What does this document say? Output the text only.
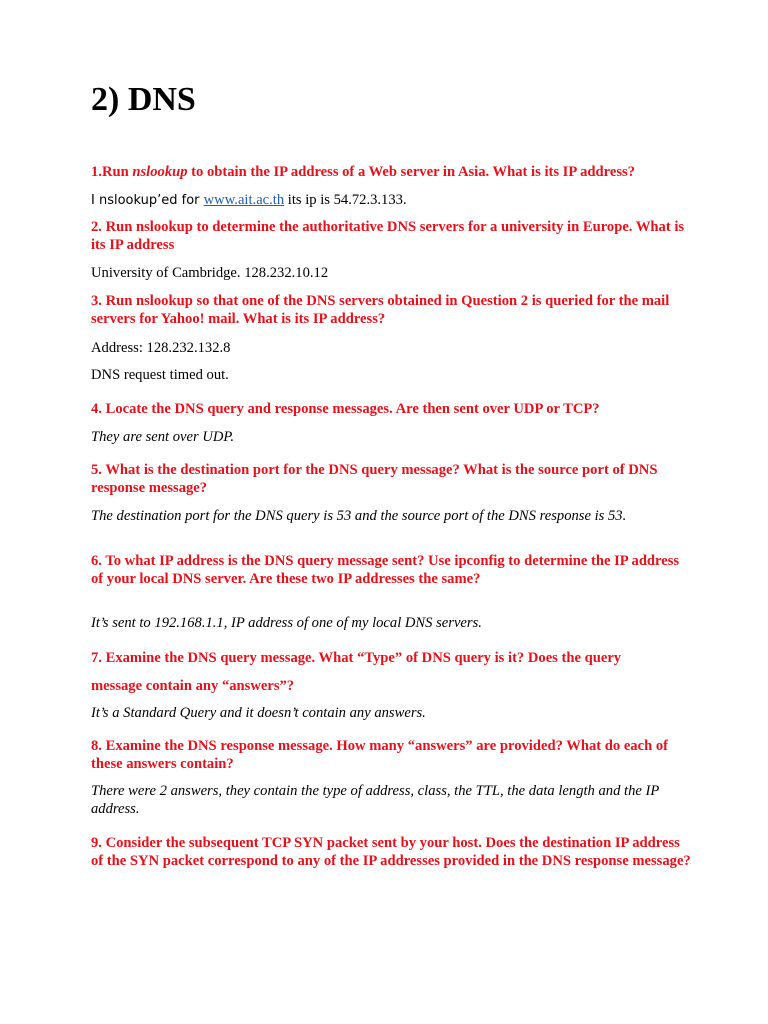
2) DNS

1.Run nslookup to obtain the IP address of a Web server in Asia. What is its IP address?

I nslookup’ed for www.ait.ac.th its ip is 54.72.3.133.

2. Run nslookup to determine the authoritative DNS servers for a university in Europe. What is its IP address

University of Cambridge. 128.232.10.12

3. Run nslookup so that one of the DNS servers obtained in Question 2 is queried for the mail servers for Yahoo! mail. What is its IP address?

Address: 128.232.132.8

DNS request timed out.

4. Locate the DNS query and response messages. Are then sent over UDP or TCP?

They are sent over UDP.

5. What is the destination port for the DNS query message? What is the source port of DNS response message?

The destination port for the DNS query is 53 and the source port of the DNS response is 53.

6. To what IP address is the DNS query message sent? Use ipconfig to determine the IP address of your local DNS server. Are these two IP addresses the same?

It’s sent to 192.168.1.1, IP address of one of my local DNS servers.

7. Examine the DNS query message. What “Type” of DNS query is it? Does the query

message contain any “answers”?

It’s a Standard Query and it doesn’t contain any answers.

8. Examine the DNS response message. How many “answers” are provided? What do each of these answers contain?

There were 2 answers, they contain the type of address, class, the TTL, the data length and the IP address.

9. Consider the subsequent TCP SYN packet sent by your host. Does the destination IP address of the SYN packet correspond to any of the IP addresses provided in the DNS response message?
